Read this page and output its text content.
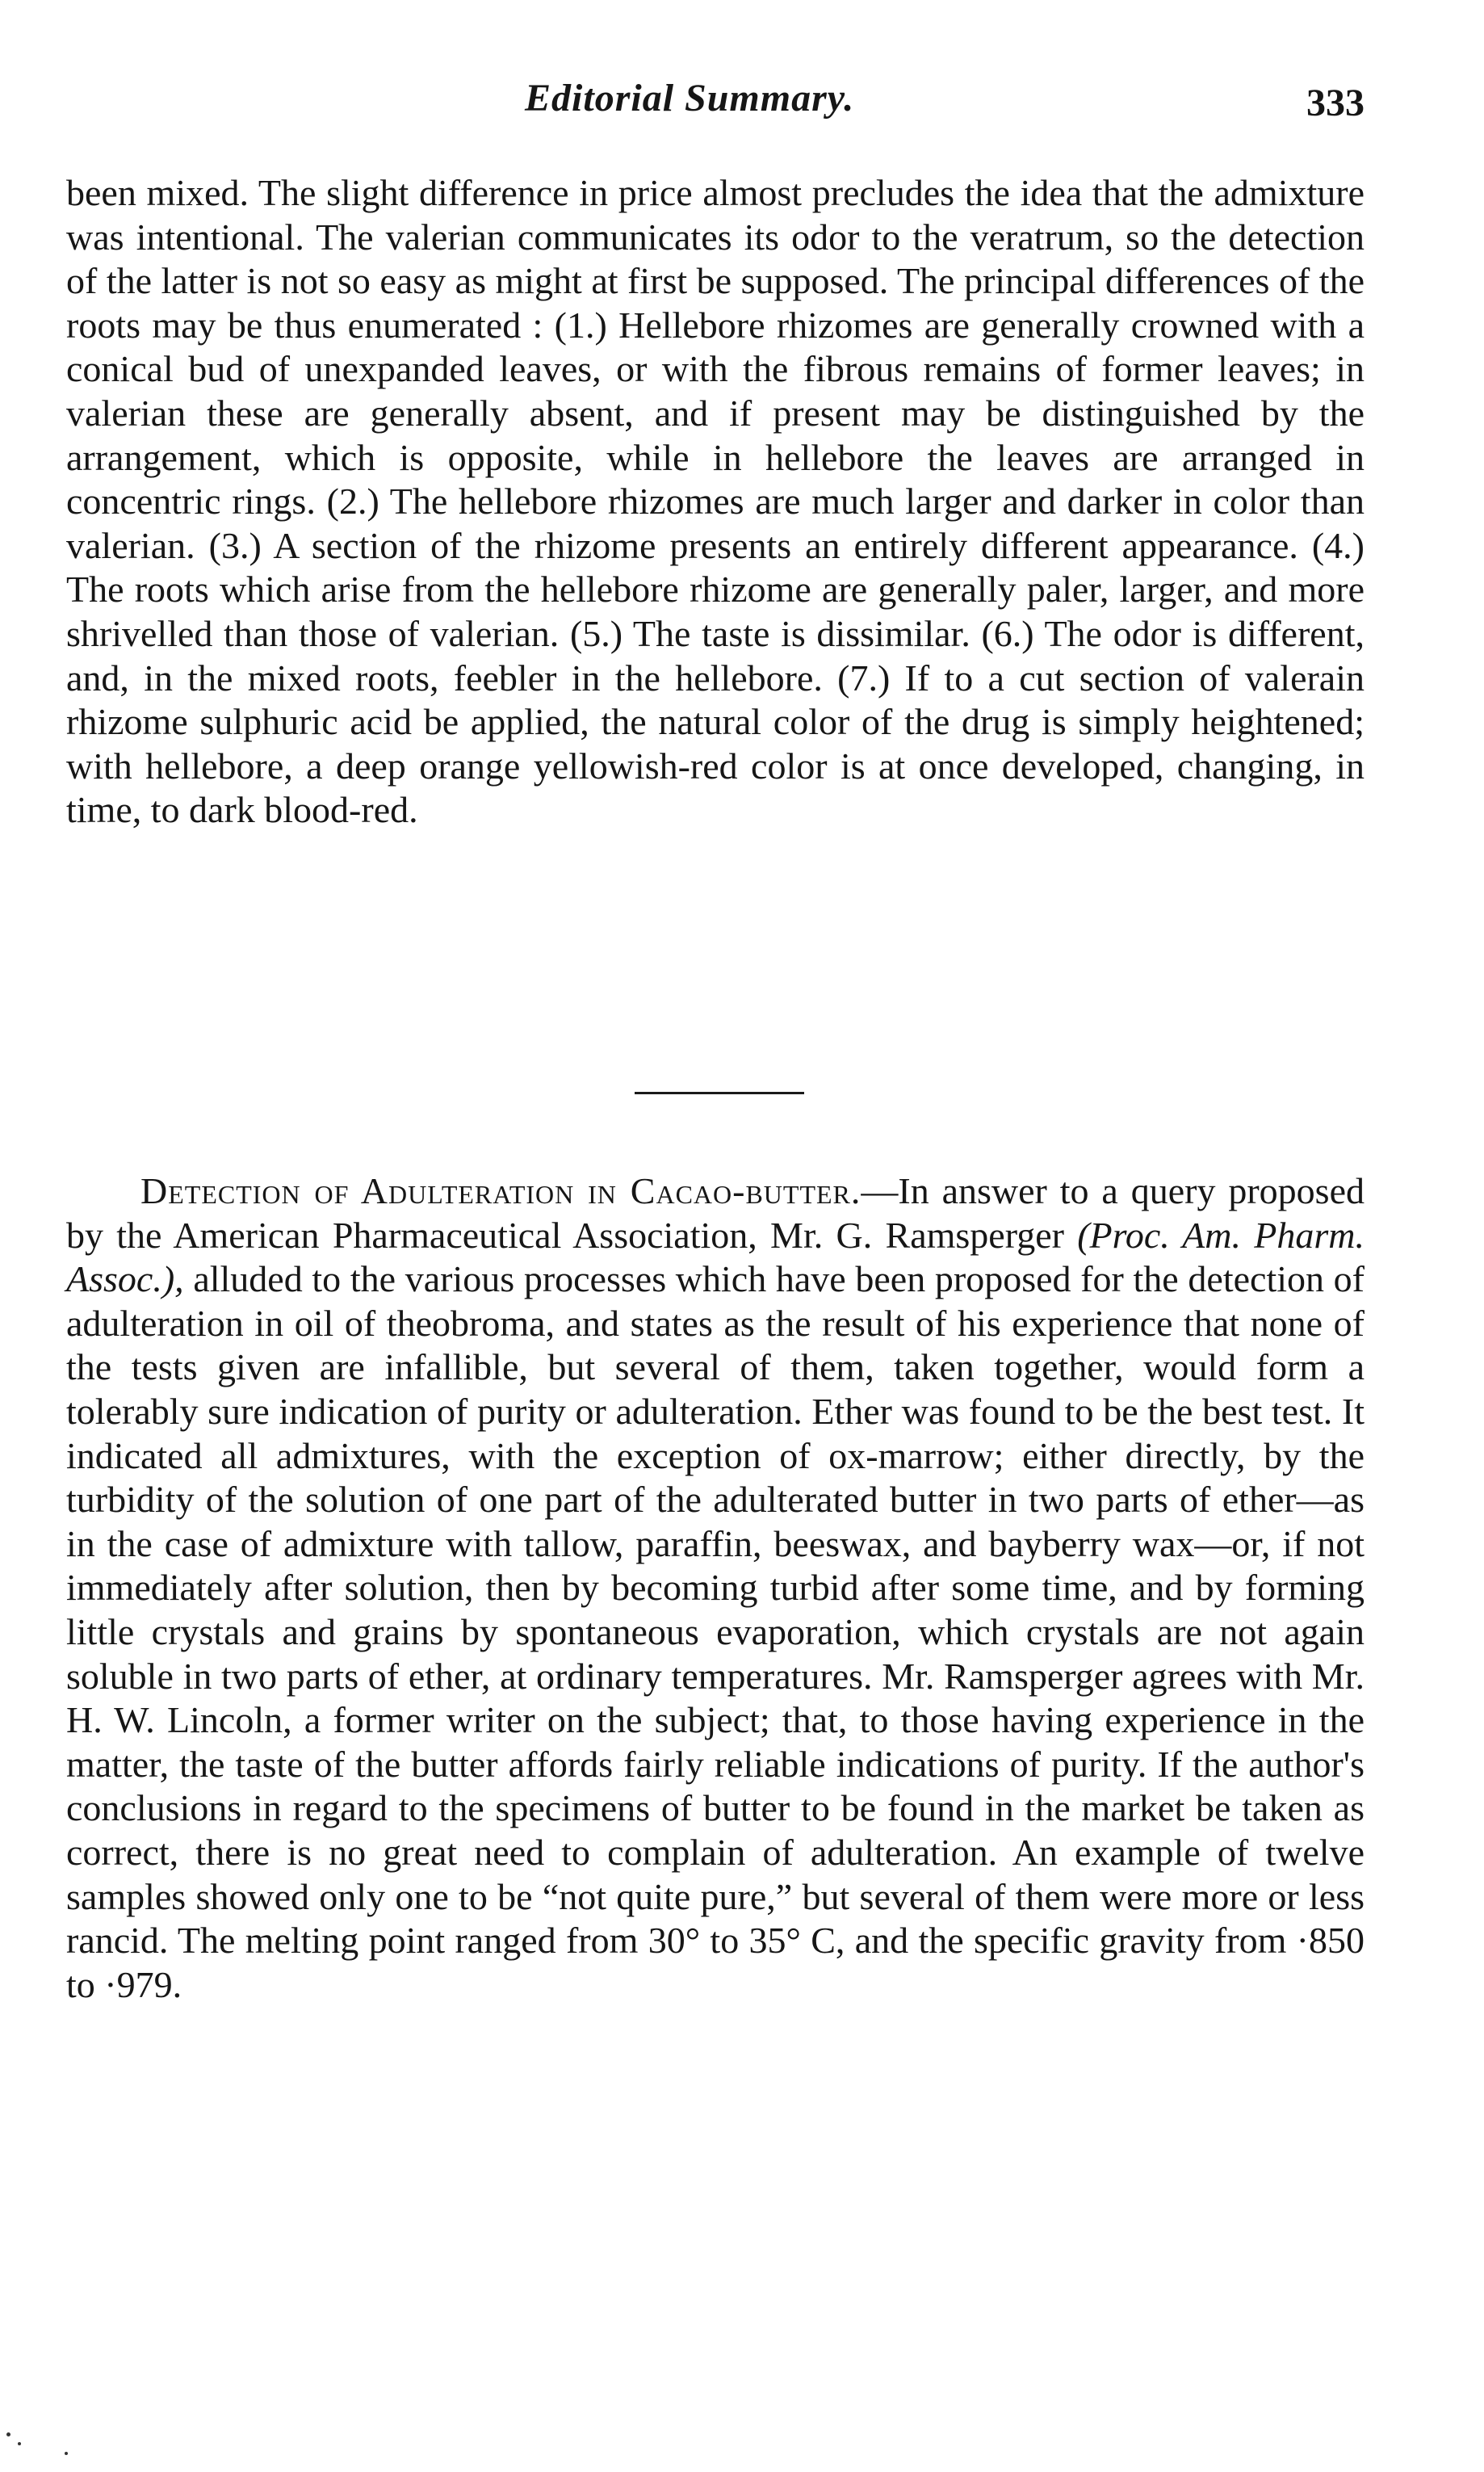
Editorial Summary.	333

been mixed. The slight difference in price almost precludes the idea that the admixture was intentional. The valerian communicates its odor to the veratrum, so the detection of the latter is not so easy as might at first be supposed. The principal differences of the roots may be thus enumerated : (1.) Hellebore rhizomes are generally crowned with a conical bud of unexpanded leaves, or with the fibrous remains of former leaves; in valerian these are generally absent, and if present may be distinguished by the arrangement, which is opposite, while in hellebore the leaves are arranged in concentric rings. (2.) The hellebore rhizomes are much larger and darker in color than valerian. (3.) A section of the rhizome presents an entirely different appearance. (4.) The roots which arise from the hellebore rhizome are generally paler, larger, and more shrivelled than those of valerian. (5.) The taste is dissimilar. (6.) The odor is different, and, in the mixed roots, feebler in the hellebore. (7.) If to a cut section of valerain rhizome sulphuric acid be applied, the natural color of the drug is simply heightened; with hellebore, a deep orange yellowish-red color is at once developed, changing, in time, to dark blood-red.

Detection of Adulteration in Cacao-butter.—In answer to a query proposed by the American Pharmaceutical Association, Mr. G. Ramsperger (Proc. Am. Pharm. Assoc.), alluded to the various processes which have been proposed for the detection of adulteration in oil of theobroma, and states as the result of his experience that none of the tests given are infallible, but several of them, taken together, would form a tolerably sure indication of purity or adulteration. Ether was found to be the best test. It indicated all admixtures, with the exception of ox-marrow; either directly, by the turbidity of the solution of one part of the adulterated butter in two parts of ether—as in the case of admixture with tallow, paraffin, beeswax, and bayberry wax—or, if not immediately after solution, then by becoming turbid after some time, and by forming little crystals and grains by spontaneous evaporation, which crystals are not again soluble in two parts of ether, at ordinary temperatures. Mr. Ramsperger agrees with Mr. H. W. Lincoln, a former writer on the subject; that, to those having experience in the matter, the taste of the butter affords fairly reliable indications of purity. If the author's conclusions in regard to the specimens of butter to be found in the market be taken as correct, there is no great need to complain of adulteration. An example of twelve samples showed only one to be “not quite pure,” but several of them were more or less rancid. The melting point ranged from 30° to 35° C, and the specific gravity from ·850 to ·979.
